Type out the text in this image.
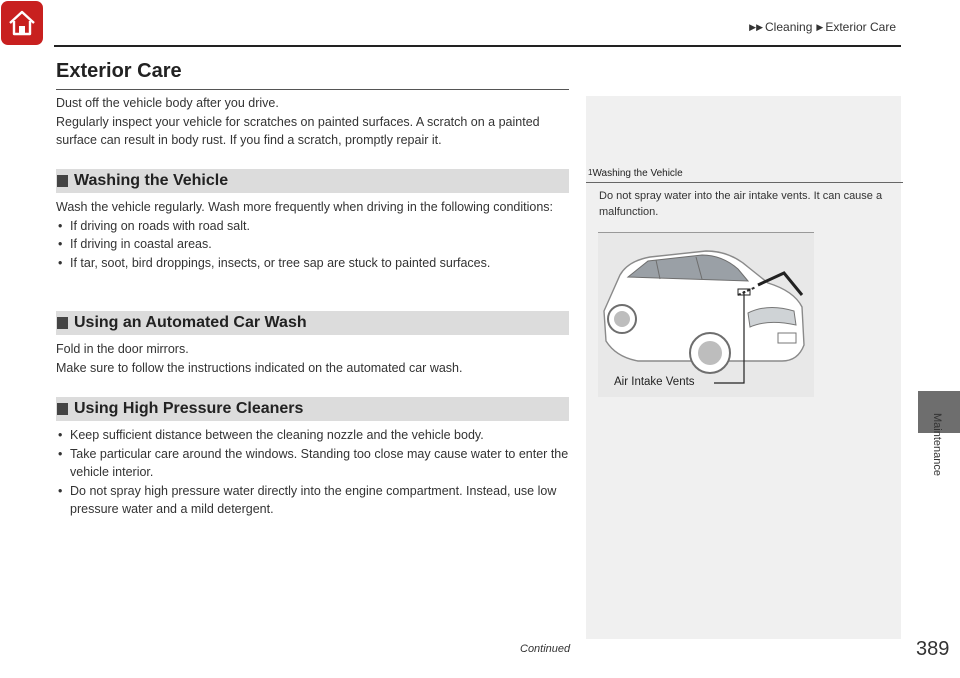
▶▶ Cleaning ▶ Exterior Care
Exterior Care
Dust off the vehicle body after you drive.
Regularly inspect your vehicle for scratches on painted surfaces. A scratch on a painted surface can result in body rust. If you find a scratch, promptly repair it.
Washing the Vehicle
Wash the vehicle regularly. Wash more frequently when driving in the following conditions:
• If driving on roads with road salt.
• If driving in coastal areas.
• If tar, soot, bird droppings, insects, or tree sap are stuck to painted surfaces.
Using an Automated Car Wash
Fold in the door mirrors.
Make sure to follow the instructions indicated on the automated car wash.
Using High Pressure Cleaners
• Keep sufficient distance between the cleaning nozzle and the vehicle body.
• Take particular care around the windows. Standing too close may cause water to enter the vehicle interior.
• Do not spray high pressure water directly into the engine compartment. Instead, use low pressure water and a mild detergent.
$^1$Washing the Vehicle
Do not spray water into the air intake vents. It can cause a malfunction.
Air Intake Vents
Maintenance
Continued	389
